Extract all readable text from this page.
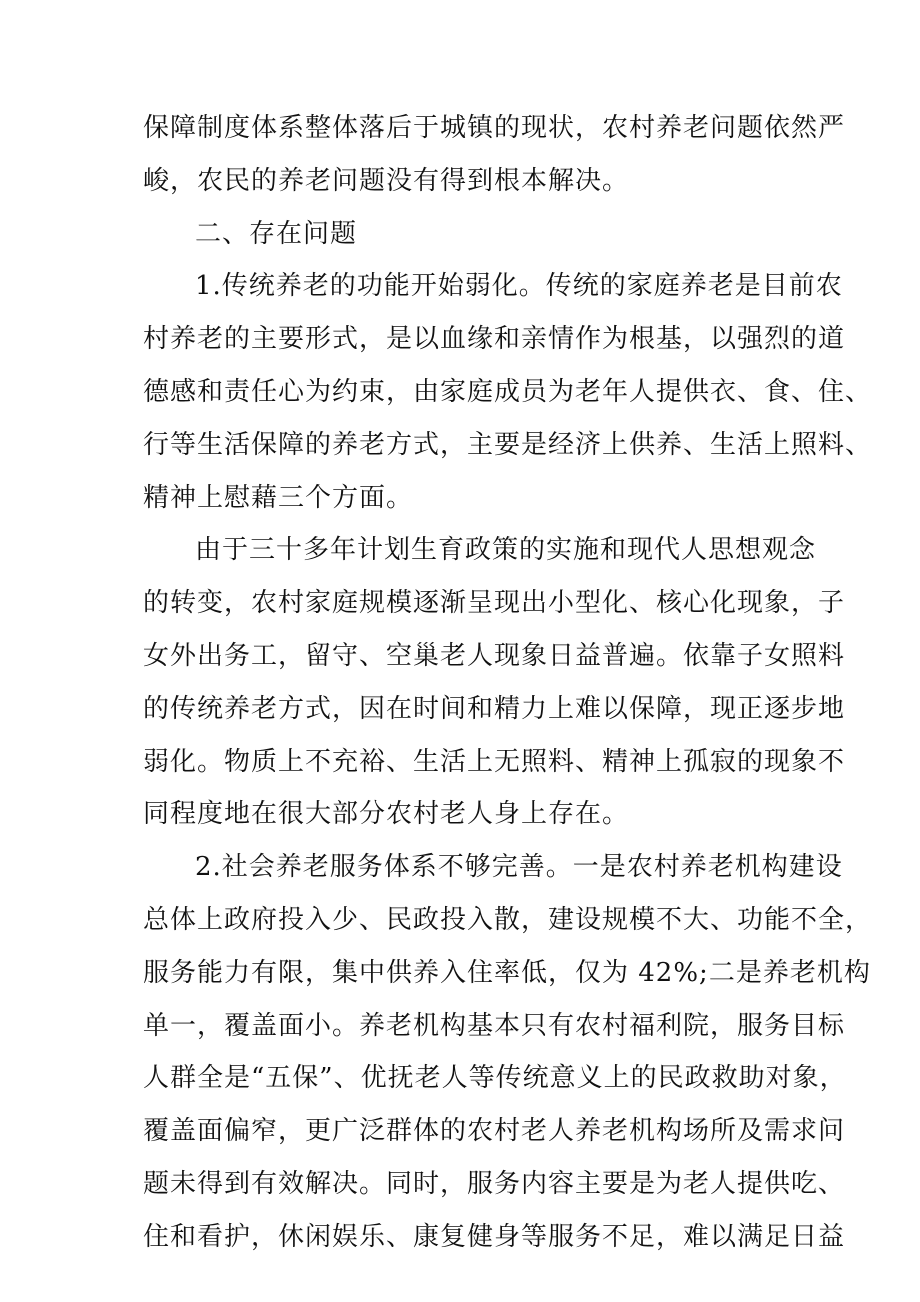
保障制度体系整体落后于城镇的现状，农村养老问题依然严
峻，农民的养老问题没有得到根本解决。
二、存在问题
1.传统养老的功能开始弱化。传统的家庭养老是目前农
村养老的主要形式，是以血缘和亲情作为根基，以强烈的道
德感和责任心为约束，由家庭成员为老年人提供衣、食、住、
行等生活保障的养老方式，主要是经济上供养、生活上照料、
精神上慰藉三个方面。
由于三十多年计划生育政策的实施和现代人思想观念
的转变，农村家庭规模逐渐呈现出小型化、核心化现象，子
女外出务工，留守、空巢老人现象日益普遍。依靠子女照料
的传统养老方式，因在时间和精力上难以保障，现正逐步地
弱化。物质上不充裕、生活上无照料、精神上孤寂的现象不
同程度地在很大部分农村老人身上存在。
2.社会养老服务体系不够完善。一是农村养老机构建设
总体上政府投入少、民政投入散，建设规模不大、功能不全，
服务能力有限，集中供养入住率低，仅为 42%;二是养老机构
单一，覆盖面小。养老机构基本只有农村福利院，服务目标
人群全是“五保”、优抚老人等传统意义上的民政救助对象，
覆盖面偏窄，更广泛群体的农村老人养老机构场所及需求问
题未得到有效解决。同时，服务内容主要是为老人提供吃、
住和看护，休闲娱乐、康复健身等服务不足，难以满足日益
